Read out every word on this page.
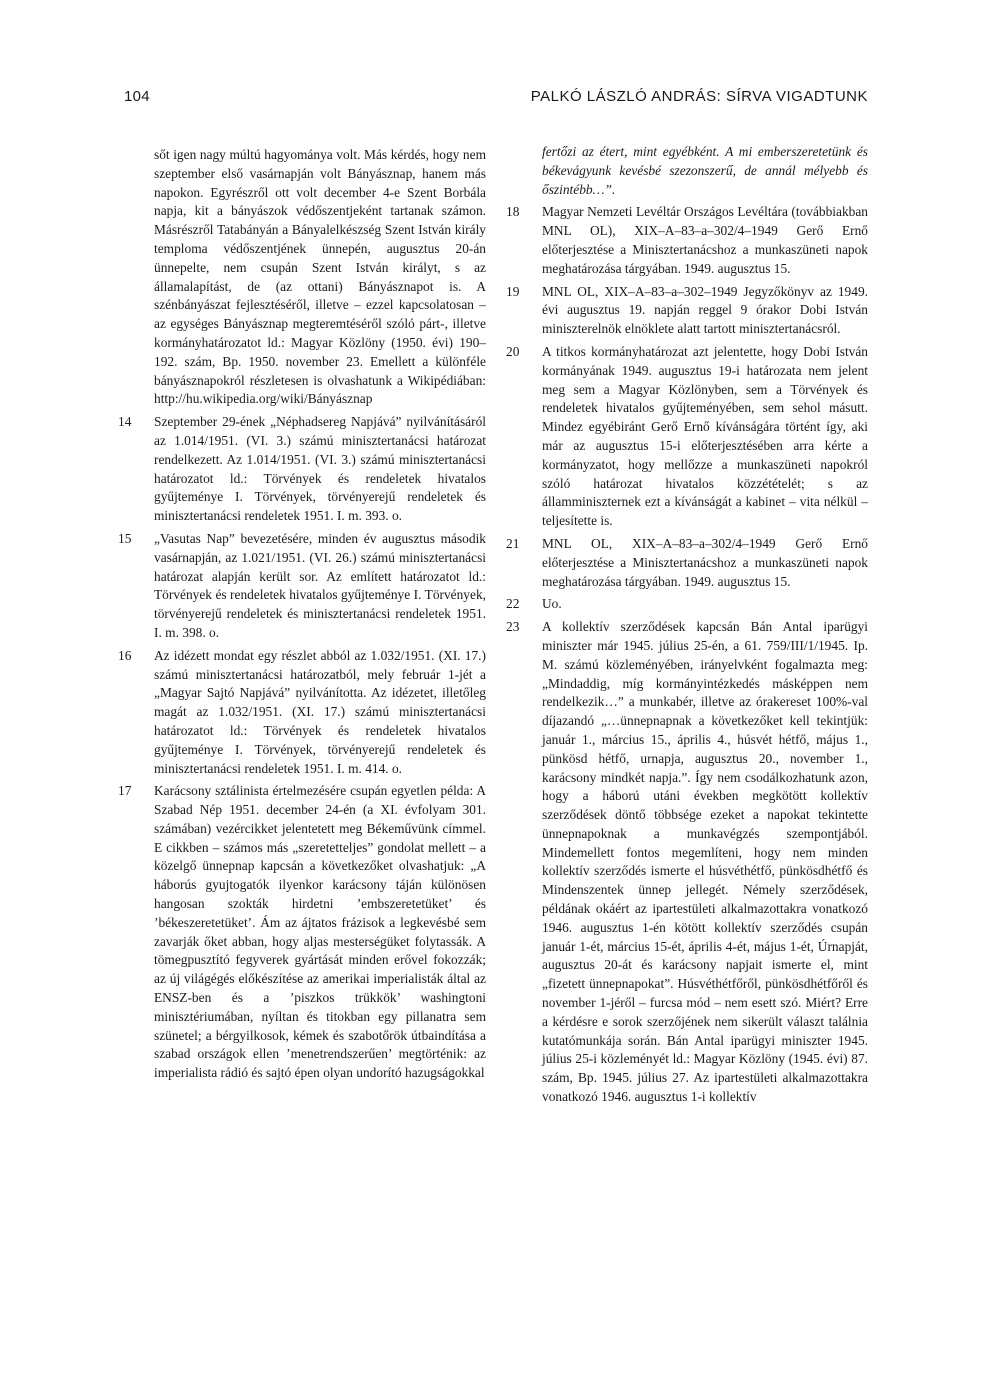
104	PALKÓ LÁSZLÓ ANDRÁS: SÍRVA VIGADTUNK
sőt igen nagy múltú hagyománya volt. Más kérdés, hogy nem szeptember első vasárnapján volt Bányásznap, hanem más napokon. Egyrészről ott volt december 4-e Szent Borbála napja, kit a bányászok védőszentjeként tartanak számon. Másrészről Tatabányán a Bányalelkészség Szent István király temploma védőszentjének ünnepén, augusztus 20-án ünnepelte, nem csupán Szent István királyt, s az államalapítást, de (az ottani) Bányásznapot is. A szénbányászat fejlesztéséről, illetve – ezzel kapcsolatosan – az egységes Bányásznap megteremtéséről szóló párt-, illetve kormányhatározatot ld.: Magyar Közlöny (1950. évi) 190–192. szám, Bp. 1950. november 23. Emellett a különféle bányásznapokról részletesen is olvashatunk a Wikipédiában: http://hu.wikipedia.org/wiki/Bányásznap
14	Szeptember 29-ének „Néphadsereg Napjává” nyilvánításáról az 1.014/1951. (VI. 3.) számú minisztertanácsi határozat rendelkezett. Az 1.014/1951. (VI. 3.) számú minisztertanácsi határozatot ld.: Törvények és rendeletek hivatalos gyűjteménye I. Törvények, törvényerejű rendeletek és minisztertanácsi rendeletek 1951. I. m. 393. o.
15	„Vasutas Nap” bevezetésére, minden év augusztus második vasárnapján, az 1.021/1951. (VI. 26.) számú minisztertanácsi határozat alapján került sor. Az említett határozatot ld.: Törvények és rendeletek hivatalos gyűjteménye I. Törvények, törvényerejű rendeletek és minisztertanácsi rendeletek 1951. I. m. 398. o.
16	Az idézett mondat egy részlet abból az 1.032/1951. (XI. 17.) számú minisztertanácsi határozatból, mely február 1-jét a „Magyar Sajtó Napjává” nyilvánította. Az idézetet, illetőleg magát az 1.032/1951. (XI. 17.) számú minisztertanácsi határozatot ld.: Törvények és rendeletek hivatalos gyűjteménye I. Törvények, törvényerejű rendeletek és minisztertanácsi rendeletek 1951. I. m. 414. o.
17	Karácsony sztálinista értelmezésére csupán egyetlen példa: A Szabad Nép 1951. december 24-én (a XI. évfolyam 301. számában) vezércikket jelentetett meg Békeművünk címmel. E cikkben – számos más „szeretetteljes” gondolat mellett – a közelgő ünnepnap kapcsán a következőket olvashatjuk: „A háborús gyujtogatók ilyenkor karácsony táján különösen hangosan szokták hirdetni ’embszeretetüket’ és ’békeszeretetüket’. Ám az ájtatos frázisok a legkevésbé sem zavarják őket abban, hogy aljas mesterségüket folytassák. A tömegpusztító fegyverek gyártását minden erővel fokozzák; az új világégés előkészítése az amerikai imperialisták által az ENSZ-ben és a ’piszkos trükkök’ washingtoni minisztériumában, nyíltan és titokban egy pillanatra sem szünetel; a bérgyilkosok, kémek és szabotőrök útbaindítása a szabad országok ellen ’menetrendszerűen’ megtörténik: az imperialista rádió és sajtó épen olyan undorító hazugságokkal
fertőzi az étert, mint egyébként. A mi emberszeretetünk és békevágyunk kevésbé szezonszerű, de annál mélyebb és őszintébb…”.
18	Magyar Nemzeti Levéltár Országos Levéltára (továbbiakban MNL OL), XIX–A–83–a–302/4–1949 Gerő Ernő előterjesztése a Minisztertanácshoz a munkaszüneti napok meghatározása tárgyában. 1949. augusztus 15.
19	MNL OL, XIX–A–83–a–302–1949 Jegyzőkönyv az 1949. évi augusztus 19. napján reggel 9 órakor Dobi István miniszterelnök elnöklete alatt tartott minisztertanácsról.
20	A titkos kormányhatározat azt jelentette, hogy Dobi István kormányának 1949. augusztus 19-i határozata nem jelent meg sem a Magyar Közlönyben, sem a Törvények és rendeletek hivatalos gyűjteményében, sem sehol másutt. Mindez egyébiránt Gerő Ernő kívánságára történt így, aki már az augusztus 15-i előterjesztésében arra kérte a kormányzatot, hogy mellőzze a munkaszüneti napokról szóló határozat hivatalos közzétételét; s az államminiszternek ezt a kívánságát a kabinet – vita nélkül – teljesítette is.
21	MNL OL, XIX–A–83–a–302/4–1949 Gerő Ernő előterjesztése a Minisztertanácshoz a munkaszüneti napok meghatározása tárgyában. 1949. augusztus 15.
22	Uo.
23	A kollektív szerződések kapcsán Bán Antal iparügyi miniszter már 1945. július 25-én, a 61. 759/III/1/1945. Ip. M. számú közleményében, irányelvként fogalmazta meg: „Mindaddig, míg kormányintézkedés másképpen nem rendelkezik…” a munkabér, illetve az órakereset 100%-val díjazandó „…ünnepnapnak a következőket kell tekintjük: január 1., március 15., április 4., húsvét hétfő, május 1., pünkösd hétfő, urnapja, augusztus 20., november 1., karácsony mindkét napja.”. Így nem csodálkozhatunk azon, hogy a háború utáni években megkötött kollektív szerződések döntő többsége ezeket a napokat tekintette ünnepnapoknak a munkavégzés szempontjából. Mindemellett fontos megemlíteni, hogy nem minden kollektív szerződés ismerte el húsvéthétfő, pünkösdhétfő és Mindenszentek ünnep jellegét. Némely szerződések, példának okáért az ipartestületi alkalmazottakra vonatkozó 1946. augusztus 1-én kötött kollektív szerződés csupán január 1-ét, március 15-ét, április 4-ét, május 1-ét, Úrnapját, augusztus 20-át és karácsony napjait ismerte el, mint „fizetett ünnepnapokat”. Húsvéthétfőről, pünkösdhétfőről és november 1-jéről – furcsa mód – nem esett szó. Miért? Erre a kérdésre e sorok szerzőjének nem sikerült választ találnia kutatómunkája során. Bán Antal iparügyi miniszter 1945. július 25-i közleményét ld.: Magyar Közlöny (1945. évi) 87. szám, Bp. 1945. július 27. Az ipartestületi alkalmazottakra vonatkozó 1946. augusztus 1-i kollektív
